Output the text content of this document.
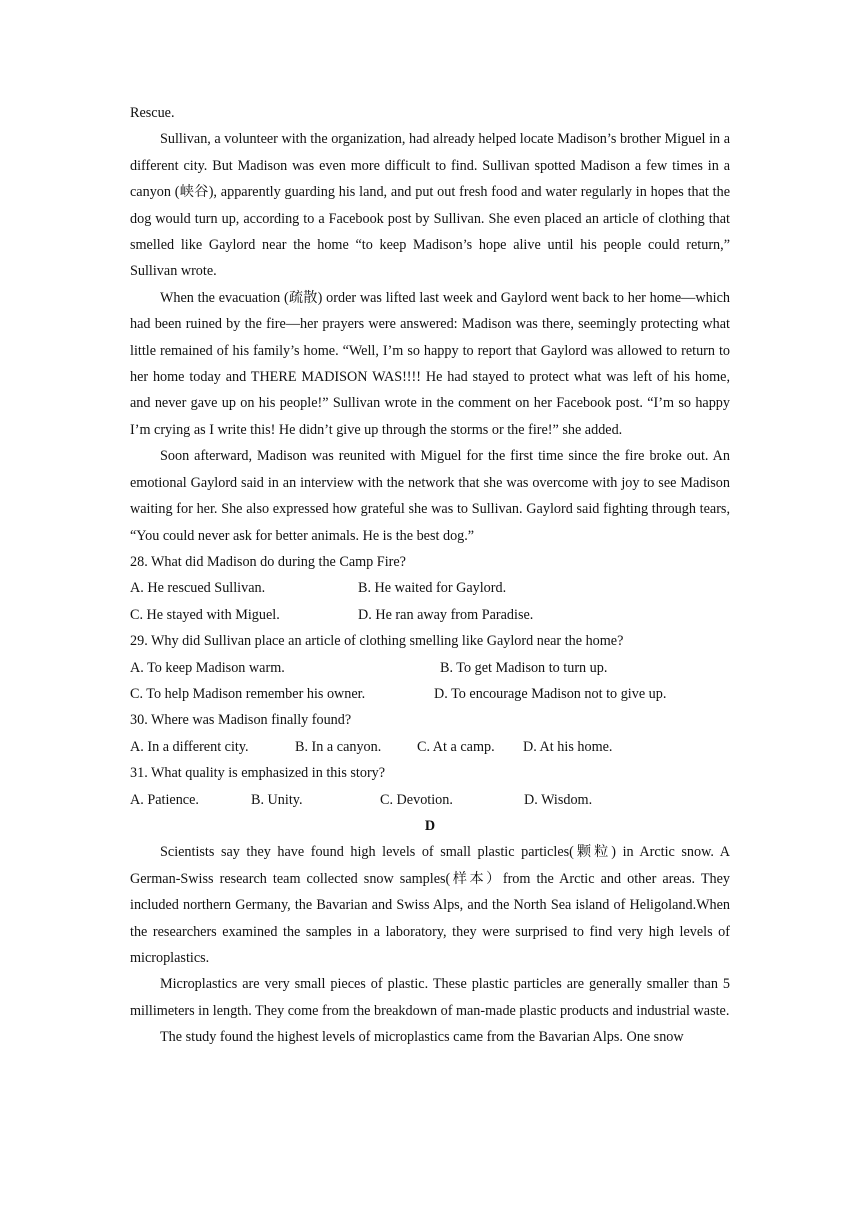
Rescue.

Sullivan, a volunteer with the organization, had already helped locate Madison’s brother Miguel in a different city. But Madison was even more difficult to find. Sullivan spotted Madison a few times in a canyon (峡谷), apparently guarding his land, and put out fresh food and water regularly in hopes that the dog would turn up, according to a Facebook post by Sullivan. She even placed an article of clothing that smelled like Gaylord near the home “to keep Madison’s hope alive until his people could return,” Sullivan wrote.

When the evacuation (疏散) order was lifted last week and Gaylord went back to her home—which had been ruined by the fire—her prayers were answered: Madison was there, seemingly protecting what little remained of his family’s home. “Well, I’m so happy to report that Gaylord was allowed to return to her home today and THERE MADISON WAS!!!! He had stayed to protect what was left of his home, and never gave up on his people!” Sullivan wrote in the comment on her Facebook post. “I’m so happy I’m crying as I write this! He didn’t give up through the storms or the fire!” she added.

Soon afterward, Madison was reunited with Miguel for the first time since the fire broke out. An emotional Gaylord said in an interview with the network that she was overcome with joy to see Madison waiting for her. She also expressed how grateful she was to Sullivan. Gaylord said fighting through tears, “You could never ask for better animals. He is the best dog.”

28. What did Madison do during the Camp Fire?

A. He rescued Sullivan.	B. He waited for Gaylord.
C. He stayed with Miguel.	D. He ran away from Paradise.

29. Why did Sullivan place an article of clothing smelling like Gaylord near the home?

A. To keep Madison warm.	B. To get Madison to turn up.
C. To help Madison remember his owner.	D. To encourage Madison not to give up.

30. Where was Madison finally found?

A. In a different city.	B. In a canyon.	C. At a camp.	D. At his home.

31. What quality is emphasized in this story?

A. Patience.	B. Unity.	C. Devotion.	D. Wisdom.

D

Scientists say they have found high levels of small plastic particles(颗粒) in Arctic snow. A German-Swiss research team collected snow samples(样本）from the Arctic and other areas. They included northern Germany, the Bavarian and Swiss Alps, and the North Sea island of Heligoland.When the researchers examined the samples in a laboratory, they were surprised to find very high levels of microplastics.

Microplastics are very small pieces of plastic. These plastic particles are generally smaller than 5 millimeters in length. They come from the breakdown of man-made plastic products and industrial waste.

The study found the highest levels of microplastics came from the Bavarian Alps. One snow
